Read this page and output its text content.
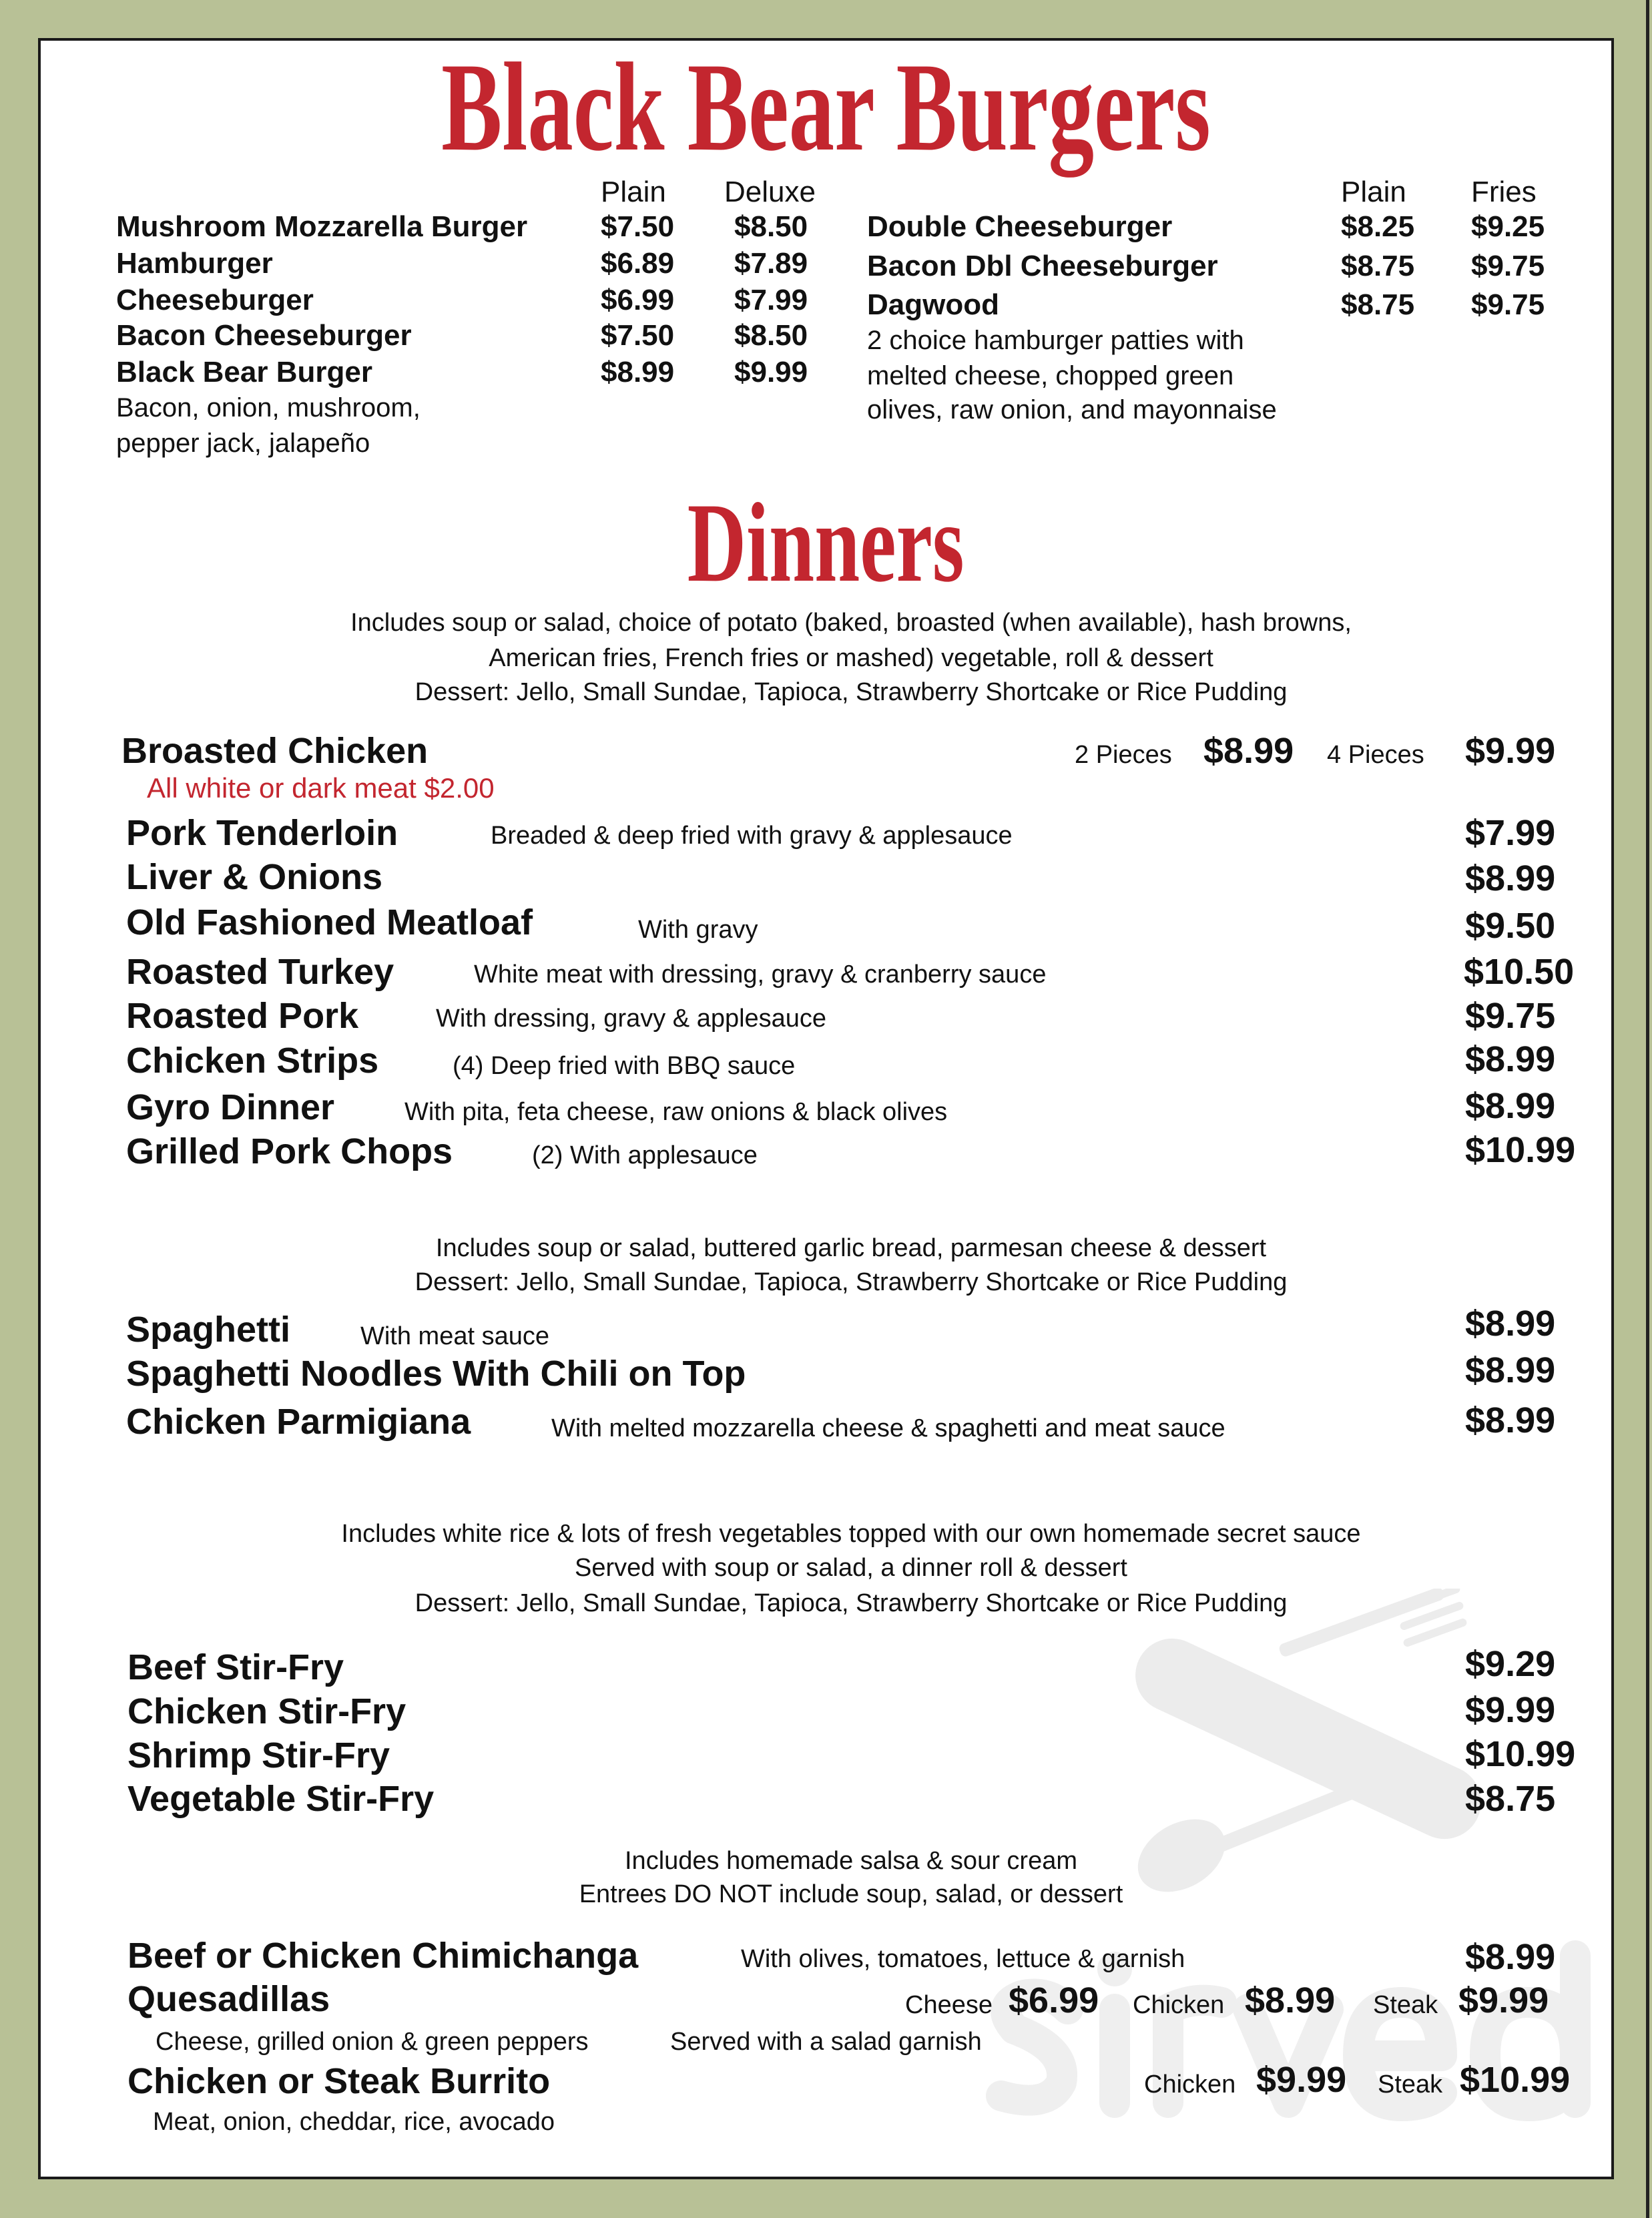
Black Bear Burgers
Plain Deluxe	Plain Fries
Mushroom Mozzarella Burger $7.50 $8.50
Hamburger	$6.89 $7.89
Cheeseburger	$6.99 $7.99
Bacon Cheeseburger	$7.50 $8.50
Black Bear Burger	$8.99 $9.99
Bacon, onion, mushroom,
pepper jack, jalapeño
Double Cheeseburger	$8.25 $9.25
Bacon Dbl Cheeseburger	$8.75 $9.75
Dagwood	$8.75 $9.75
2 choice hamburger patties with
melted cheese, chopped green
olives, raw onion, and mayonnaise
Dinners
Includes soup or salad, choice of potato (baked, broasted (when available), hash browns,
American fries, French fries or mashed) vegetable, roll & dessert
Dessert: Jello, Small Sundae, Tapioca, Strawberry Shortcake or Rice Pudding
Broasted Chicken
All white or dark meat $2.00
2 Pieces $8.99 4 Pieces $9.99
Pork Tenderloin	Breaded & deep fried with gravy & applesauce	$7.99
Liver & Onions	$8.99
Old Fashioned Meatloaf	With gravy	$9.50
Roasted Turkey	White meat with dressing, gravy & cranberry sauce	$10.50
Roasted Pork	With dressing, gravy & applesauce	$9.75
Chicken Strips	(4) Deep fried with BBQ sauce	$8.99
Gyro Dinner	With pita, feta cheese, raw onions & black olives	$8.99
Grilled Pork Chops	(2) With applesauce	$10.99
Includes soup or salad, buttered garlic bread, parmesan cheese & dessert
Dessert: Jello, Small Sundae, Tapioca, Strawberry Shortcake or Rice Pudding
Spaghetti	With meat sauce	$8.99
Spaghetti Noodles With Chili on Top	$8.99
Chicken Parmigiana	With melted mozzarella cheese & spaghetti and meat sauce	$8.99
Includes white rice & lots of fresh vegetables topped with our own homemade secret sauce
Served with soup or salad, a dinner roll & dessert
Dessert: Jello, Small Sundae, Tapioca, Strawberry Shortcake or Rice Pudding
Beef Stir-Fry	$9.29
Chicken Stir-Fry	$9.99
Shrimp Stir-Fry	$10.99
Vegetable Stir-Fry	$8.75
Includes homemade salsa & sour cream
Entrees DO NOT include soup, salad, or dessert
Beef or Chicken Chimichanga	With olives, tomatoes, lettuce & garnish	$8.99
Quesadillas	Cheese $6.99 Chicken $8.99 Steak $9.99
Cheese, grilled onion & green peppers	Served with a salad garnish
Chicken or Steak Burrito	Chicken $9.99 Steak $10.99
Meat, onion, cheddar, rice, avocado
